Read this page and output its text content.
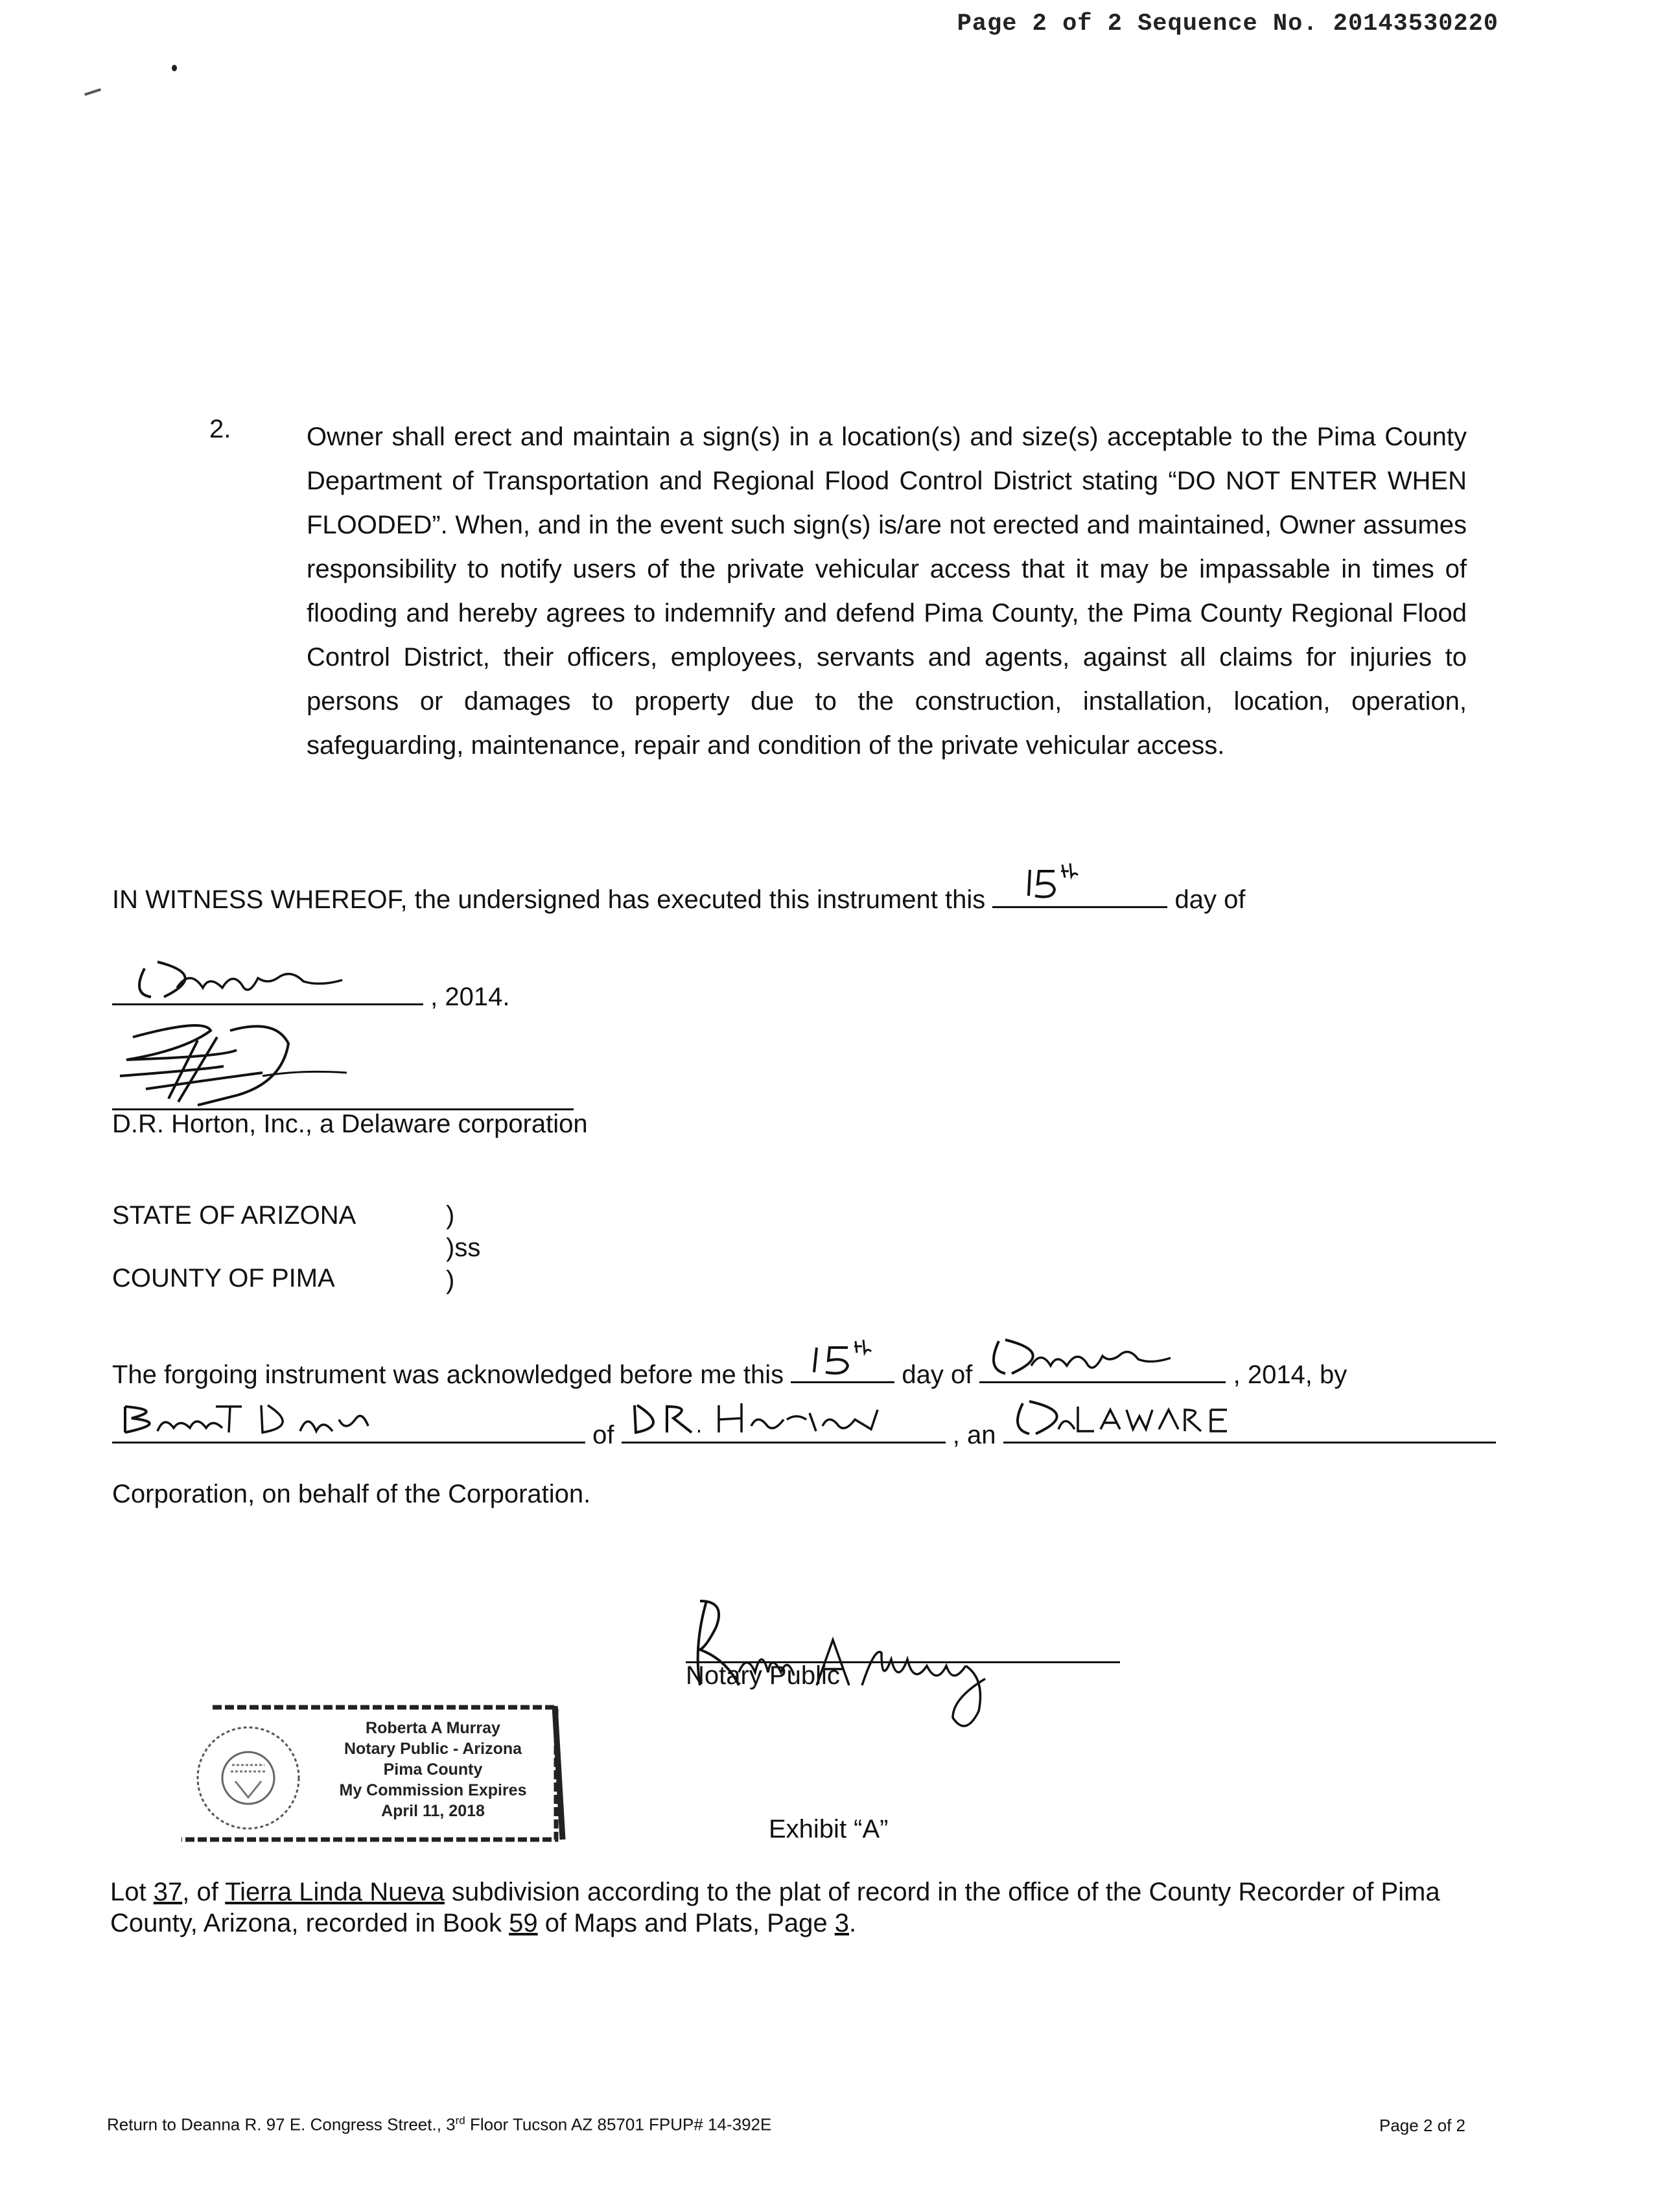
Page 2 of 2 Sequence No. 20143530220
2.	Owner shall erect and maintain a sign(s) in a location(s) and size(s) acceptable to the Pima County Department of Transportation and Regional Flood Control District stating “DO NOT ENTER WHEN FLOODED”. When, and in the event such sign(s) is/are not erected and maintained, Owner assumes responsibility to notify users of the private vehicular access that it may be impassable in times of flooding and hereby agrees to indemnify and defend Pima County, the Pima County Regional Flood Control District, their officers, employees, servants and agents, against all claims for injuries to persons or damages to property due to the construction, installation, location, operation, safeguarding, maintenance, repair and condition of the private vehicular access.
IN WITNESS WHEREOF, the undersigned has executed this instrument this	day of
, 2014.
D.R. Horton, Inc., a Delaware corporation
STATE OF ARIZONA	)
)ss
COUNTY OF PIMA	)
The forgoing instrument was acknowledged before me this	day of	, 2014, by
of	, an
Corporation, on behalf of the Corporation.
Notary Public
Roberta A Murray
Notary Public - Arizona
Pima County
My Commission Expires
April 11, 2018
Exhibit “A”
Lot 37, of Tierra Linda Nueva subdivision according to the plat of record in the office of the County Recorder of Pima County, Arizona, recorded in Book 59 of Maps and Plats, Page 3.
Return to Deanna R. 97 E. Congress Street., 3rd Floor Tucson AZ 85701 FPUP# 14-392E	Page 2 of 2
